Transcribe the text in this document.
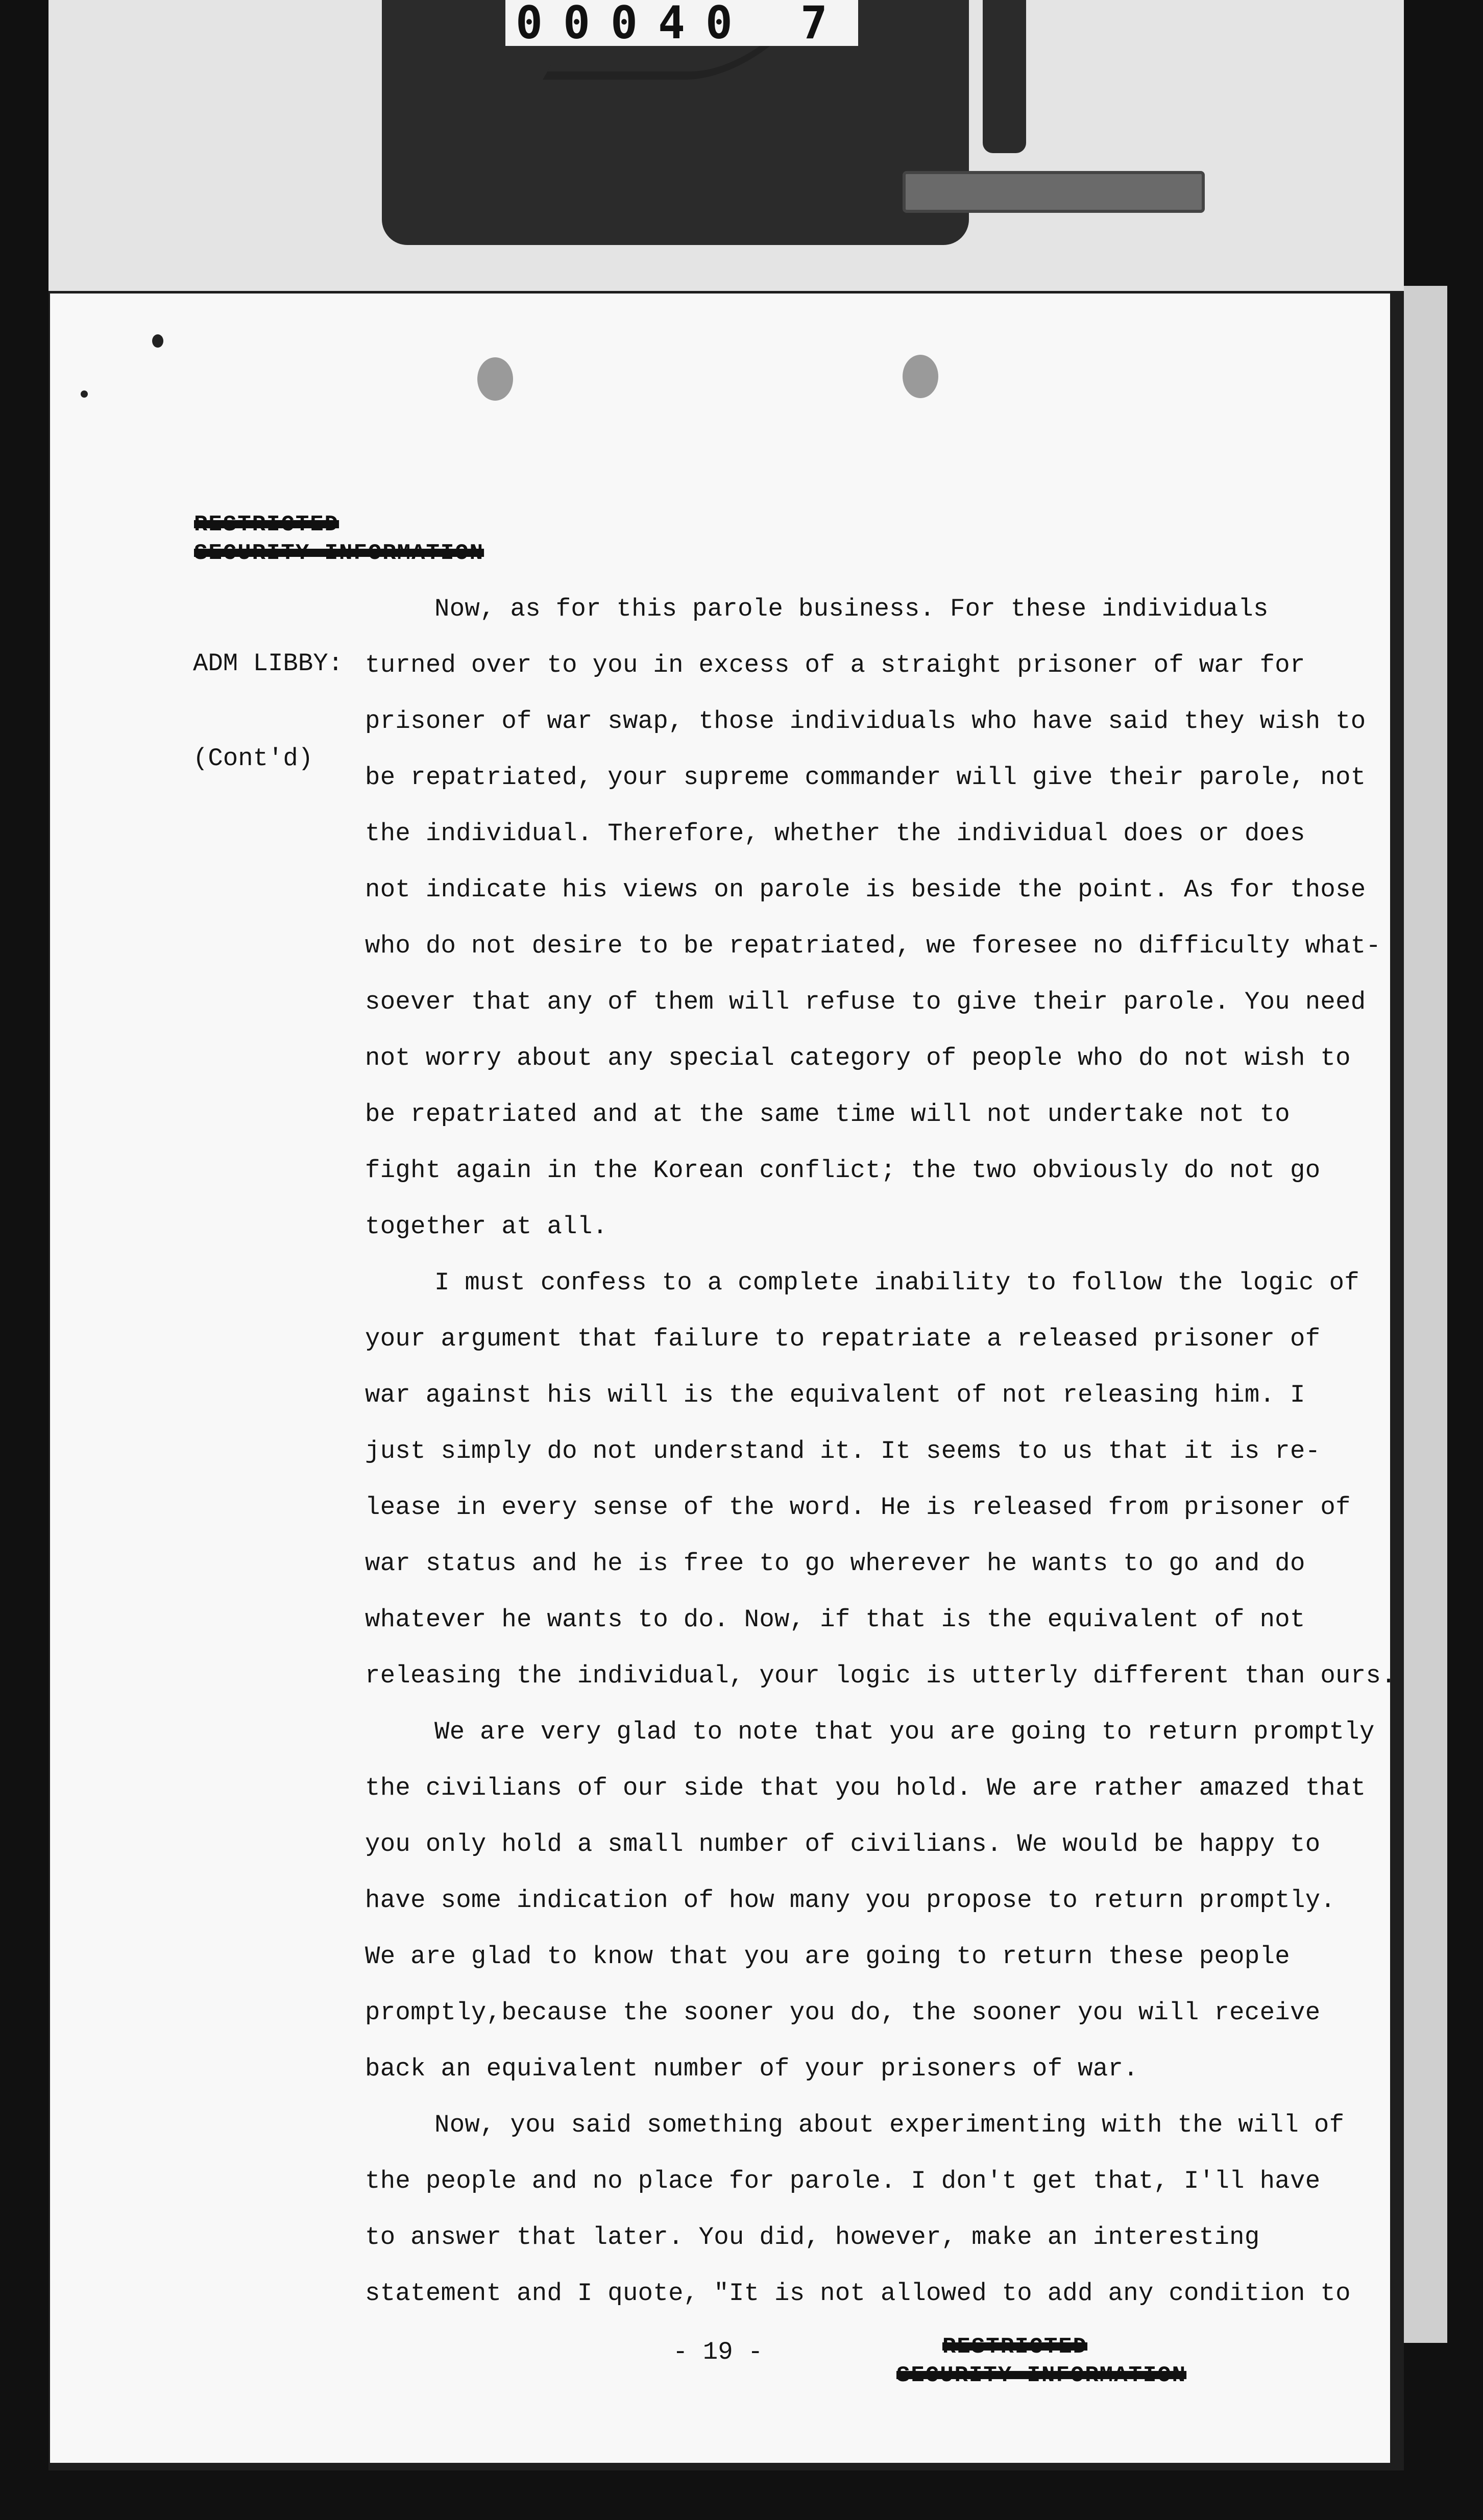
00040 7
RESTRICTED
SECURITY INFORMATION

ADM LIBBY:

(Cont'd)

Now, as for this parole business. For these individuals
turned over to you in excess of a straight prisoner of war for
prisoner of war swap, those individuals who have said they wish to
be repatriated, your supreme commander will give their parole, not
the individual. Therefore, whether the individual does or does
not indicate his views on parole is beside the point. As for those
who do not desire to be repatriated, we foresee no difficulty what-
soever that any of them will refuse to give their parole. You need
not worry about any special category of people who do not wish to
be repatriated and at the same time will not undertake not to
fight again in the Korean conflict; the two obviously do not go
together at all.
I must confess to a complete inability to follow the logic of
your argument that failure to repatriate a released prisoner of
war against his will is the equivalent of not releasing him. I
just simply do not understand it. It seems to us that it is re-
lease in every sense of the word. He is released from prisoner of
war status and he is free to go wherever he wants to go and do
whatever he wants to do. Now, if that is the equivalent of not
releasing the individual, your logic is utterly different than ours.
We are very glad to note that you are going to return promptly
the civilians of our side that you hold. We are rather amazed that
you only hold a small number of civilians. We would be happy to
have some indication of how many you propose to return promptly.
We are glad to know that you are going to return these people
promptly,because the sooner you do, the sooner you will receive
back an equivalent number of your prisoners of war.
Now, you said something about experimenting with the will of
the people and no place for parole. I don't get that, I'll have
to answer that later. You did, however, make an interesting
statement and I quote, "It is not allowed to add any condition to
- 19 -	RESTRICTED
SECURITY INFORMATION
